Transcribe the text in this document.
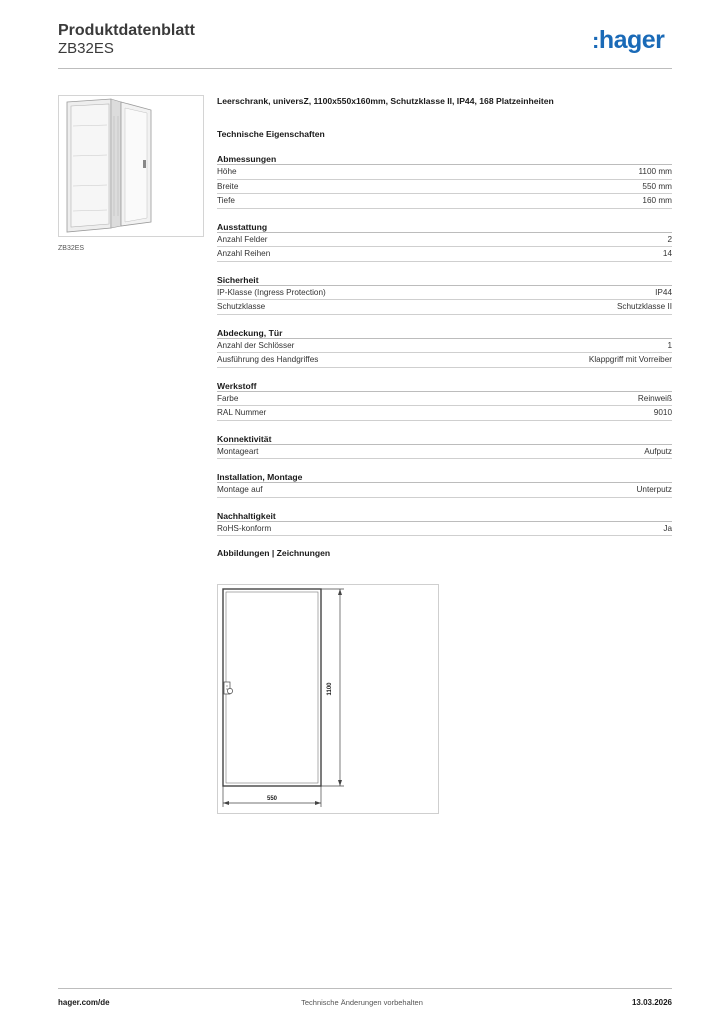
Produktdatenblatt
ZB32ES	:hager
ZB32ES
Leerschrank, universZ, 1100x550x160mm, Schutzklasse II, IP44, 168 Platzeinheiten
Technische Eigenschaften
Abmessungen
Höhe	1100 mm
Breite	550 mm
Tiefe	160 mm
Ausstattung
Anzahl Felder	2
Anzahl Reihen	14
Sicherheit
IP-Klasse (Ingress Protection)	IP44
Schutzklasse	Schutzklasse II
Abdeckung, Tür
Anzahl der Schlösser	1
Ausführung des Handgriffes	Klappgriff mit Vorreiber
Werkstoff
Farbe	Reinweiß
RAL Nummer	9010
Konnektivität
Montageart	Aufputz
Installation, Montage
Montage auf	Unterputz
Nachhaltigkeit
RoHS-konform	Ja
Abbildungen | Zeichnungen
1100
550
hager.com/de	Technische Änderungen vorbehalten	13.03.2026
